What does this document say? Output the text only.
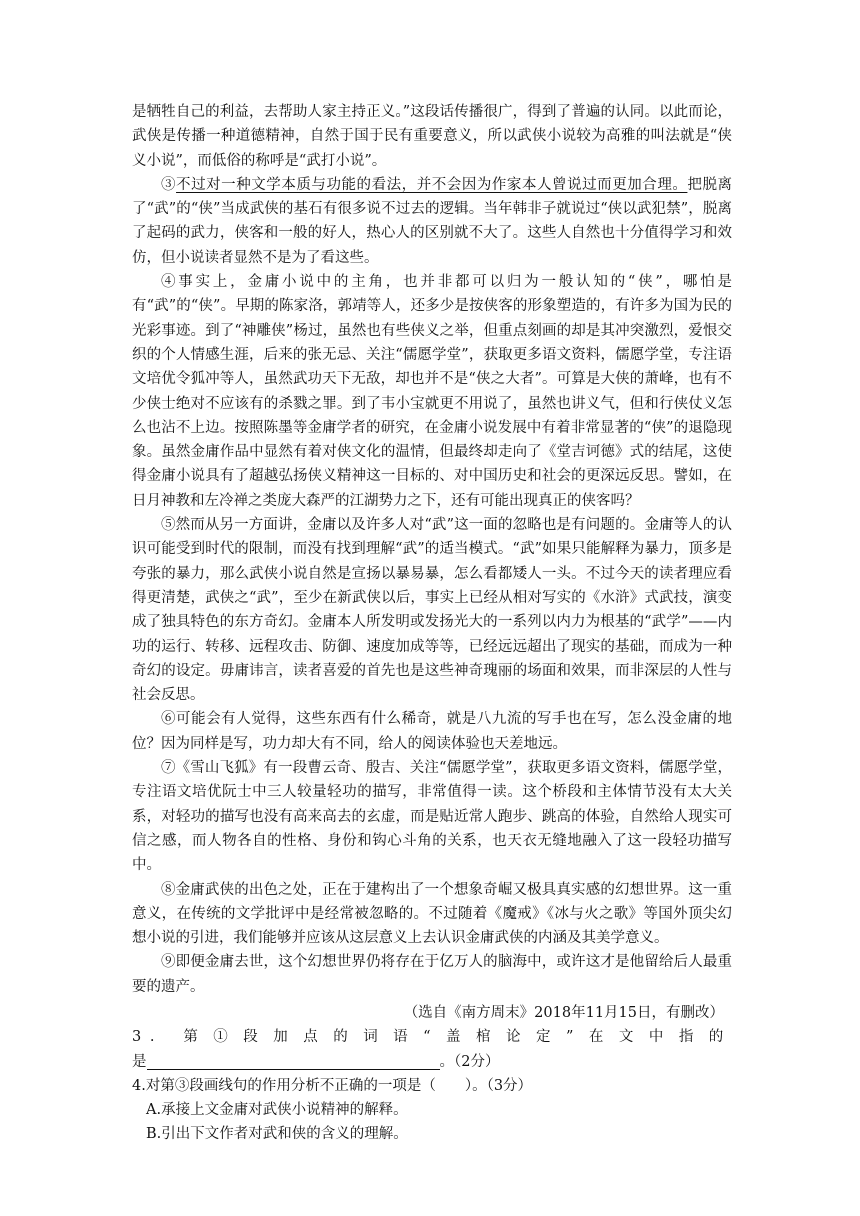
是牺牲自己的利益，去帮助人家主持正义。”这段话传播很广，得到了普遍的认同。以此而论，武侠是传播一种道德精神，自然于国于民有重要意义，所以武侠小说较为高雅的叫法就是“侠义小说”，而低俗的称呼是“武打小说”。

③不过对一种文学本质与功能的看法，并不会因为作家本人曾说过而更加合理。把脱离了“武”的“侠”当成武侠的基石有很多说不过去的逻辑。当年韩非子就说过“侠以武犯禁”，脱离了起码的武力，侠客和一般的好人，热心人的区别就不大了。这些人自然也十分值得学习和效仿，但小说读者显然不是为了看这些。

④事实上，金庸小说中的主角，也并非都可以归为一般认知的“侠”，哪怕是有“武”的“侠”。早期的陈家洛，郭靖等人，还多少是按侠客的形象塑造的，有许多为国为民的光彩事迹。到了“神雕侠”杨过，虽然也有些侠义之举，但重点刻画的却是其冲突激烈，爱恨交织的个人情感生涯，后来的张无忌、关注“儒愿学堂”，获取更多语文资料，儒愿学堂，专注语文培优令狐冲等人，虽然武功天下无敌，却也并不是“侠之大者”。可算是大侠的萧峰，也有不少侠士绝对不应该有的杀戮之罪。到了韦小宝就更不用说了，虽然也讲义气，但和行侠仗义怎么也沾不上边。按照陈墨等金庸学者的研究，在金庸小说发展中有着非常显著的“侠”的退隐现象。虽然金庸作品中显然有着对侠文化的温情，但最终却走向了《堂吉诃德》式的结尾，这使得金庸小说具有了超越弘扬侠义精神这一目标的、对中国历史和社会的更深远反思。譬如，在日月神教和左冷禅之类庞大森严的江湖势力之下，还有可能出现真正的侠客吗？

⑤然而从另一方面讲，金庸以及许多人对“武”这一面的忽略也是有问题的。金庸等人的认识可能受到时代的限制，而没有找到理解“武”的适当模式。“武”如果只能解释为暴力，顶多是夸张的暴力，那么武侠小说自然是宣扬以暴易暴，怎么看都矮人一头。不过今天的读者理应看得更清楚，武侠之“武”，至少在新武侠以后，事实上已经从相对写实的《水浒》式武技，演变成了独具特色的东方奇幻。金庸本人所发明或发扬光大的一系列以内力为根基的“武学”——内功的运行、转移、远程攻击、防御、速度加成等等，已经远远超出了现实的基础，而成为一种奇幻的设定。毋庸讳言，读者喜爱的首先也是这些神奇瑰丽的场面和效果，而非深层的人性与社会反思。

⑥可能会有人觉得，这些东西有什么稀奇，就是八九流的写手也在写，怎么没金庸的地位？因为同样是写，功力却大有不同，给人的阅读体验也天差地远。

⑦《雪山飞狐》有一段曹云奇、殷吉、关注“儒愿学堂”，获取更多语文资料，儒愿学堂，专注语文培优阮士中三人较量轻功的描写，非常值得一读。这个桥段和主体情节没有太大关系，对轻功的描写也没有高来高去的玄虚，而是贴近常人跑步、跳高的体验，自然给人现实可信之感，而人物各自的性格、身份和钩心斗角的关系，也天衣无缝地融入了这一段轻功描写中。

⑧金庸武侠的出色之处，正在于建构出了一个想象奇崛又极具真实感的幻想世界。这一重意义，在传统的文学批评中是经常被忽略的。不过随着《魔戒》《冰与火之歌》等国外顶尖幻想小说的引进，我们能够并应该从这层意义上去认识金庸武侠的内涵及其美学意义。

⑨即便金庸去世，这个幻想世界仍将存在于亿万人的脑海中，或许这才是他留给后人最重要的遗产。

（选自《南方周末》2018年11月15日，有删改）

3. 第①段加点的词语“盖棺论定”在文中指的

是	。（2分）

4.对第③段画线句的作用分析不正确的一项是（　　）。（3分）

A.承接上文金庸对武侠小说精神的解释。

B.引出下文作者对武和侠的含义的理解。
